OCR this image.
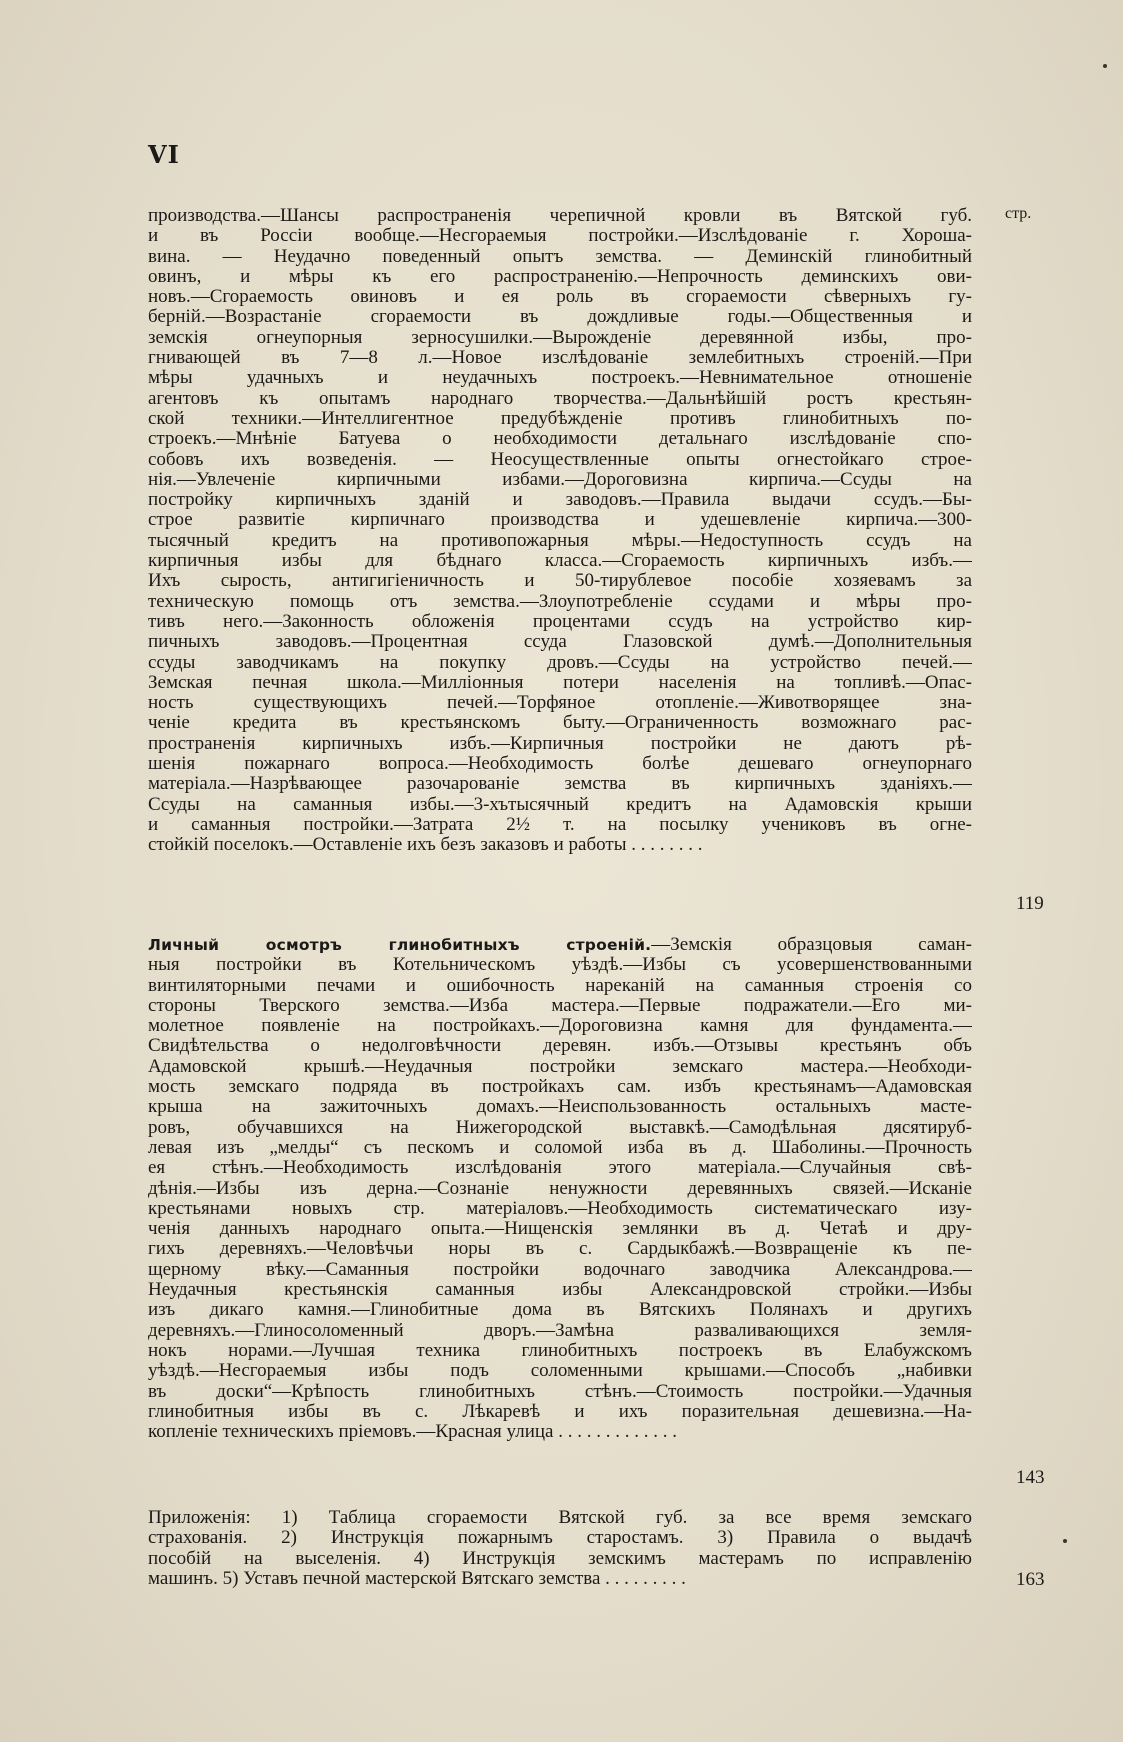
VI
стр.
производства.—Шансы распространенія черепичной кровли въ Вятской губ.
и въ Россіи вообще.—Несгораемыя постройки.—Изслѣдованіе г. Хороша-
вина. — Неудачно поведенный опытъ земства. — Деминскій глинобитный
овинъ, и мѣры къ его распространенію.—Непрочность деминскихъ ови-
новъ.—Сгораемость овиновъ и ея роль въ сгораемости сѣверныхъ гу-
берній.—Возрастаніе сгораемости въ дождливые годы.—Общественныя и
земскія огнеупорныя зерносушилки.—Вырожденіе деревянной избы, про-
гнивающей въ 7—8 л.—Новое изслѣдованіе землебитныхъ строеній.—При
мѣры удачныхъ и неудачныхъ построекъ.—Невнимательное отношеніе
агентовъ къ опытамъ народнаго творчества.—Дальнѣйшій ростъ крестьян-
ской техники.—Интеллигентное предубѣжденіе противъ глинобитныхъ по-
строекъ.—Мнѣніе Батуева о необходимости детальнаго изслѣдованіе спо-
собовъ ихъ возведенія. — Неосуществленные опыты огнестойкаго строе-
нія.—Увлеченіе кирпичными избами.—Дороговизна кирпича.—Ссуды на
постройку кирпичныхъ зданій и заводовъ.—Правила выдачи ссудъ.—Бы-
строе развитіе кирпичнаго производства и удешевленіе кирпича.—300-
тысячный кредитъ на противопожарныя мѣры.—Недоступность ссудъ на
кирпичныя избы для бѣднаго класса.—Сгораемость кирпичныхъ избъ.—
Ихъ сырость, антигигіеничность и 50-тирублевое пособіе хозяевамъ за
техническую помощь отъ земства.—Злоупотребленіе ссудами и мѣры про-
тивъ него.—Законность обложенія процентами ссудъ на устройство кир-
пичныхъ заводовъ.—Процентная ссуда Глазовской думѣ.—Дополнительныя
ссуды заводчикамъ на покупку дровъ.—Ссуды на устройство печей.—
Земская печная школа.—Милліонныя потери населенія на топливѣ.—Опас-
ность существующихъ печей.—Торфяное отопленіе.—Животворящее зна-
ченіе кредита въ крестьянскомъ быту.—Ограниченность возможнаго рас-
пространенія кирпичныхъ избъ.—Кирпичныя постройки не даютъ рѣ-
шенія пожарнаго вопроса.—Необходимость болѣе дешеваго огнеупорнаго
матеріала.—Назрѣвающее разочарованіе земства въ кирпичныхъ зданіяхъ.—
Ссуды на саманныя избы.—3-хътысячный кредитъ на Адамовскія крыши
и саманныя постройки.—Затрата 2½ т. на посылку учениковъ въ огне-
стойкій поселокъ.—Оставленіе ихъ безъ заказовъ и работы . . . . . . . .
119
Личный осмотръ глинобитныхъ строеній.—Земскія образцовыя саман-
ныя постройки въ Котельническомъ уѣздѣ.—Избы съ усовершенствованными
винтиляторными печами и ошибочность нареканій на саманныя строенія со
стороны Тверского земства.—Изба мастера.—Первые подражатели.—Его ми-
молетное появленіе на постройкахъ.—Дороговизна камня для фундамента.—
Свидѣтельства о недолговѣчности деревян. избъ.—Отзывы крестьянъ объ
Адамовской крышѣ.—Неудачныя постройки земскаго мастера.—Необходи-
мость земскаго подряда въ постройкахъ сам. избъ крестьянамъ—Адамовская
крыша на зажиточныхъ домахъ.—Неиспользованность остальныхъ масте-
ровъ, обучавшихся на Нижегородской выставкѣ.—Самодѣльная дясятируб-
левая изъ „мелды“ съ пескомъ и соломой изба въ д. Шаболины.—Прочность
ея стѣнъ.—Необходимость изслѣдованія этого матеріала.—Случайныя свѣ-
дѣнія.—Избы изъ дерна.—Сознаніе ненужности деревянныхъ связей.—Исканіе
крестьянами новыхъ стр. матеріаловъ.—Необходимость систематическаго изу-
ченія данныхъ народнаго опыта.—Нищенскія землянки въ д. Четаѣ и дру-
гихъ деревняхъ.—Человѣчьи норы въ с. Сардыкбажѣ.—Возвращеніе къ пе-
щерному вѣку.—Саманныя постройки водочнаго заводчика Александрова.—
Неудачныя крестьянскія саманныя избы Александровской стройки.—Избы
изъ дикаго камня.—Глинобитные дома въ Вятскихъ Полянахъ и другихъ
деревняхъ.—Глиносоломенный дворъ.—Замѣна разваливающихся земля-
нокъ норами.—Лучшая техника глинобитныхъ построекъ въ Елабужскомъ
уѣздѣ.—Несгораемыя избы подъ соломенными крышами.—Способъ „набивки
въ доски“—Крѣпость глинобитныхъ стѣнъ.—Стоимость постройки.—Удачныя
глинобитныя избы въ с. Лѣкаревѣ и ихъ поразительная дешевизна.—На-
копленіе техническихъ пріемовъ.—Красная улица . . . . . . . . . . . . .
143
Приложенія: 1) Таблица сгораемости Вятской губ. за все время земскаго
страхованія. 2) Инструкція пожарнымъ старостамъ. 3) Правила о выдачѣ
пособій на выселенія. 4) Инструкція земскимъ мастерамъ по исправленію
машинъ. 5) Уставъ печной мастерской Вятскаго земства . . . . . . . . .	163
